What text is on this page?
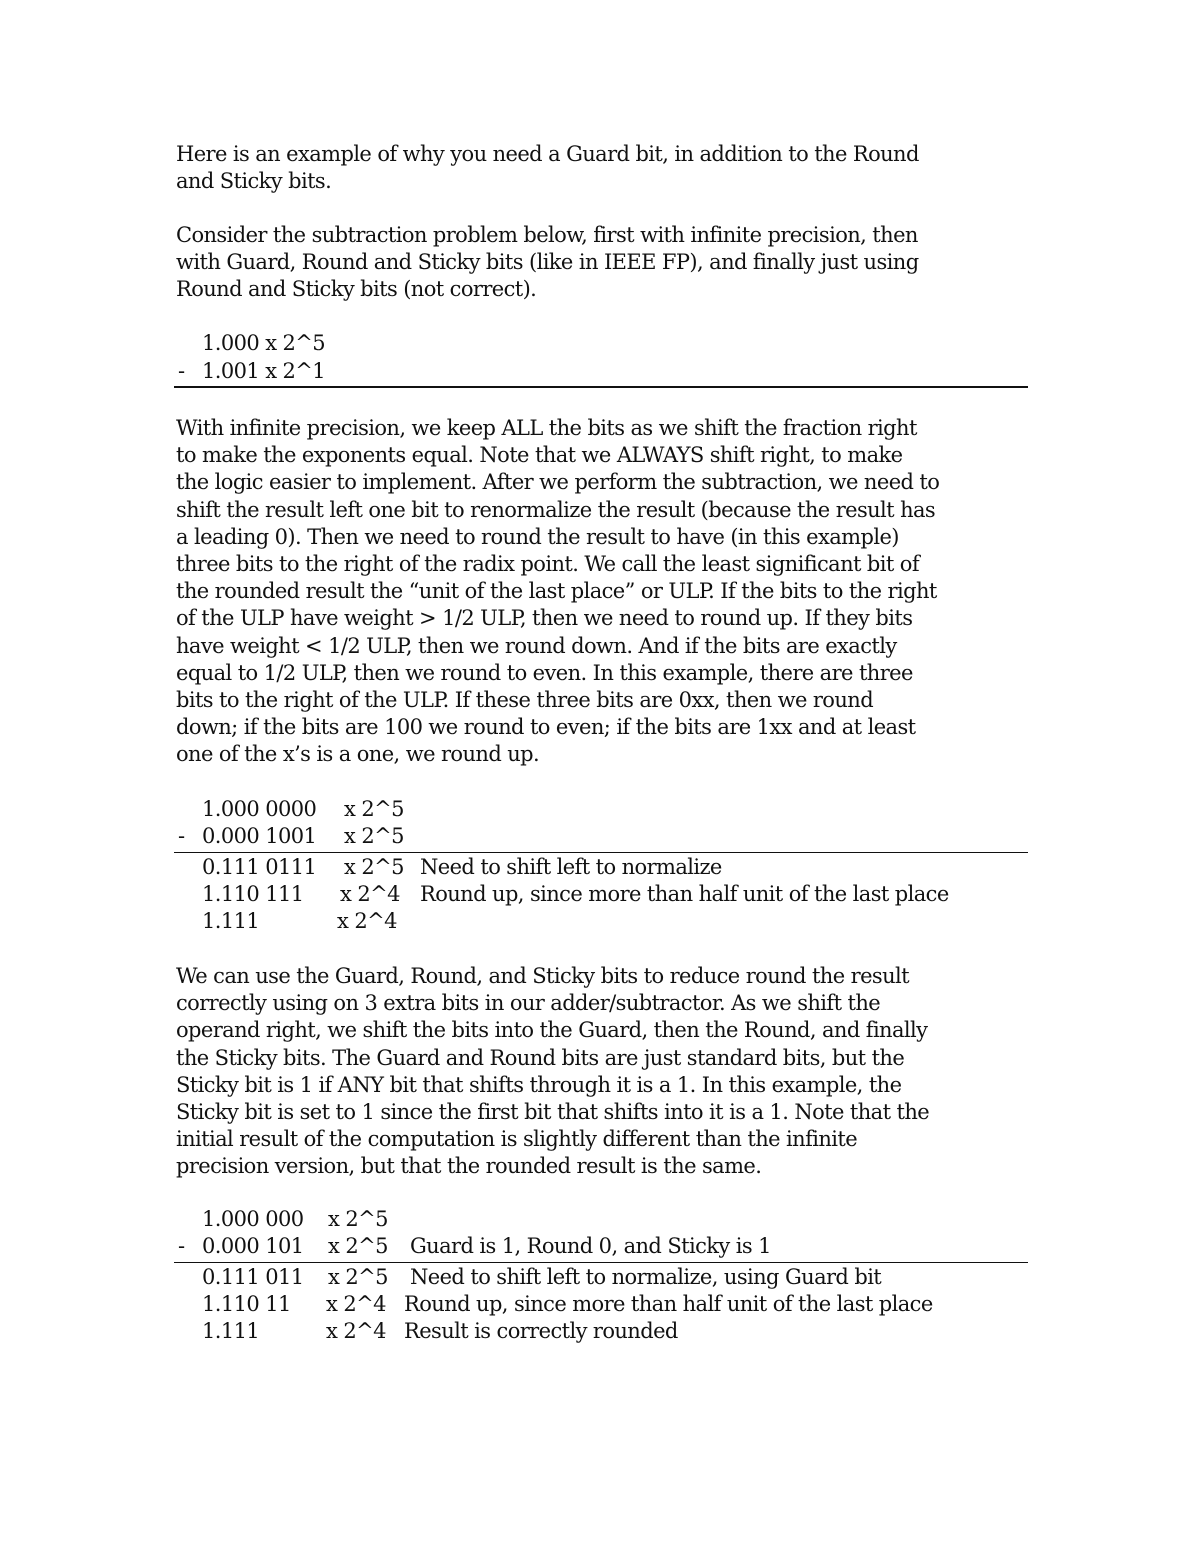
Here is an example of why you need a Guard bit, in addition to the Round
and Sticky bits.
Consider the subtraction problem below, first with infinite precision, then
with Guard, Round and Sticky bits (like in IEEE FP), and finally just using
Round and Sticky bits (not correct).
1.000 x 2^5
- 1.001 x 2^1
With infinite precision, we keep ALL the bits as we shift the fraction right
to make the exponents equal. Note that we ALWAYS shift right, to make
the logic easier to implement. After we perform the subtraction, we need to
shift the result left one bit to renormalize the result (because the result has
a leading 0). Then we need to round the result to have (in this example)
three bits to the right of the radix point. We call the least significant bit of
the rounded result the “unit of the last place” or ULP. If the bits to the right
of the ULP have weight > 1/2 ULP, then we need to round up. If they bits
have weight < 1/2 ULP, then we round down. And if the bits are exactly
equal to 1/2 ULP, then we round to even. In this example, there are three
bits to the right of the ULP. If these three bits are 0xx, then we round
down; if the bits are 100 we round to even; if the bits are 1xx and at least
one of the x’s is a one, we round up.
1.000 0000 x 2^5
- 0.000 1001 x 2^5
0.111 0111 x 2^5 Need to shift left to normalize
1.110 111 x 2^4 Round up, since more than half unit of the last place
1.111	x 2^4
We can use the Guard, Round, and Sticky bits to reduce round the result
correctly using on 3 extra bits in our adder/subtractor. As we shift the
operand right, we shift the bits into the Guard, then the Round, and finally
the Sticky bits. The Guard and Round bits are just standard bits, but the
Sticky bit is 1 if ANY bit that shifts through it is a 1. In this example, the
Sticky bit is set to 1 since the first bit that shifts into it is a 1. Note that the
initial result of the computation is slightly different than the infinite
precision version, but that the rounded result is the same.
1.000 000 x 2^5
- 0.000 101 x 2^5 Guard is 1, Round 0, and Sticky is 1
0.111 011 x 2^5 Need to shift left to normalize, using Guard bit
1.110 11 x 2^4 Round up, since more than half unit of the last place
1.111	x 2^4 Result is correctly rounded
